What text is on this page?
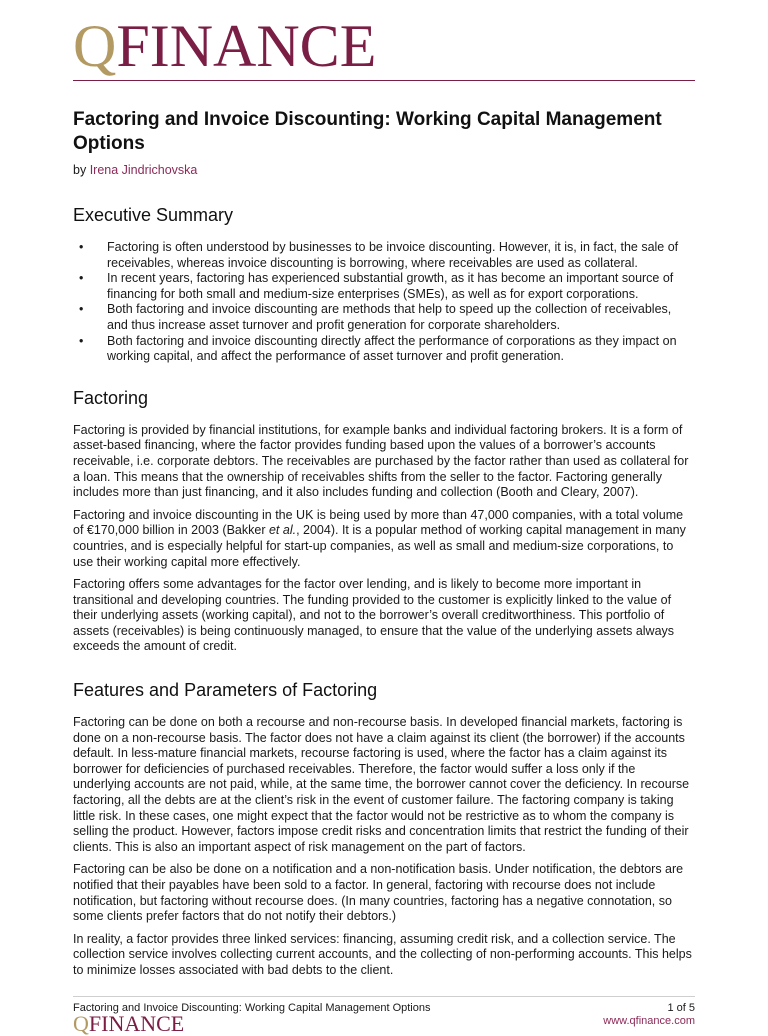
QFINANCE
Factoring and Invoice Discounting: Working Capital Management Options
by Irena Jindrichovska
Executive Summary
• Factoring is often understood by businesses to be invoice discounting. However, it is, in fact, the sale of receivables, whereas invoice discounting is borrowing, where receivables are used as collateral.
• In recent years, factoring has experienced substantial growth, as it has become an important source of financing for both small and medium-size enterprises (SMEs), as well as for export corporations.
• Both factoring and invoice discounting are methods that help to speed up the collection of receivables, and thus increase asset turnover and profit generation for corporate shareholders.
• Both factoring and invoice discounting directly affect the performance of corporations as they impact on working capital, and affect the performance of asset turnover and profit generation.
Factoring

Factoring is provided by financial institutions, for example banks and individual factoring brokers. It is a form of asset-based financing, where the factor provides funding based upon the values of a borrower’s accounts receivable, i.e. corporate debtors. The receivables are purchased by the factor rather than used as collateral for a loan. This means that the ownership of receivables shifts from the seller to the factor. Factoring generally includes more than just financing, and it also includes funding and collection (Booth and Cleary, 2007).

Factoring and invoice discounting in the UK is being used by more than 47,000 companies, with a total volume of €170,000 billion in 2003 (Bakker et al., 2004). It is a popular method of working capital management in many countries, and is especially helpful for start-up companies, as well as small and medium-size corporations, to use their working capital more effectively.

Factoring offers some advantages for the factor over lending, and is likely to become more important in transitional and developing countries. The funding provided to the customer is explicitly linked to the value of their underlying assets (working capital), and not to the borrower’s overall creditworthiness. This portfolio of assets (receivables) is being continuously managed, to ensure that the value of the underlying assets always exceeds the amount of credit.

Features and Parameters of Factoring

Factoring can be done on both a recourse and non-recourse basis. In developed financial markets, factoring is done on a non-recourse basis. The factor does not have a claim against its client (the borrower) if the accounts default. In less-mature financial markets, recourse factoring is used, where the factor has a claim against its borrower for deficiencies of purchased receivables. Therefore, the factor would suffer a loss only if the underlying accounts are not paid, while, at the same time, the borrower cannot cover the deficiency. In recourse factoring, all the debts are at the client’s risk in the event of customer failure. The factoring company is taking little risk. In these cases, one might expect that the factor would not be restrictive as to whom the company is selling the product. However, factors impose credit risks and concentration limits that restrict the funding of their clients. This is also an important aspect of risk management on the part of factors.

Factoring can be also be done on a notification and a non-notification basis. Under notification, the debtors are notified that their payables have been sold to a factor. In general, factoring with recourse does not include notification, but factoring without recourse does. (In many countries, factoring has a negative connotation, so some clients prefer factors that do not notify their debtors.)

In reality, a factor provides three linked services: financing, assuming credit risk, and a collection service. The collection service involves collecting current accounts, and the collecting of non-performing accounts. This helps to minimize losses associated with bad debts to the client.

Factoring and Invoice Discounting: Working Capital Management Options	1 of 5
www.qfinance.com
QFINANCE
